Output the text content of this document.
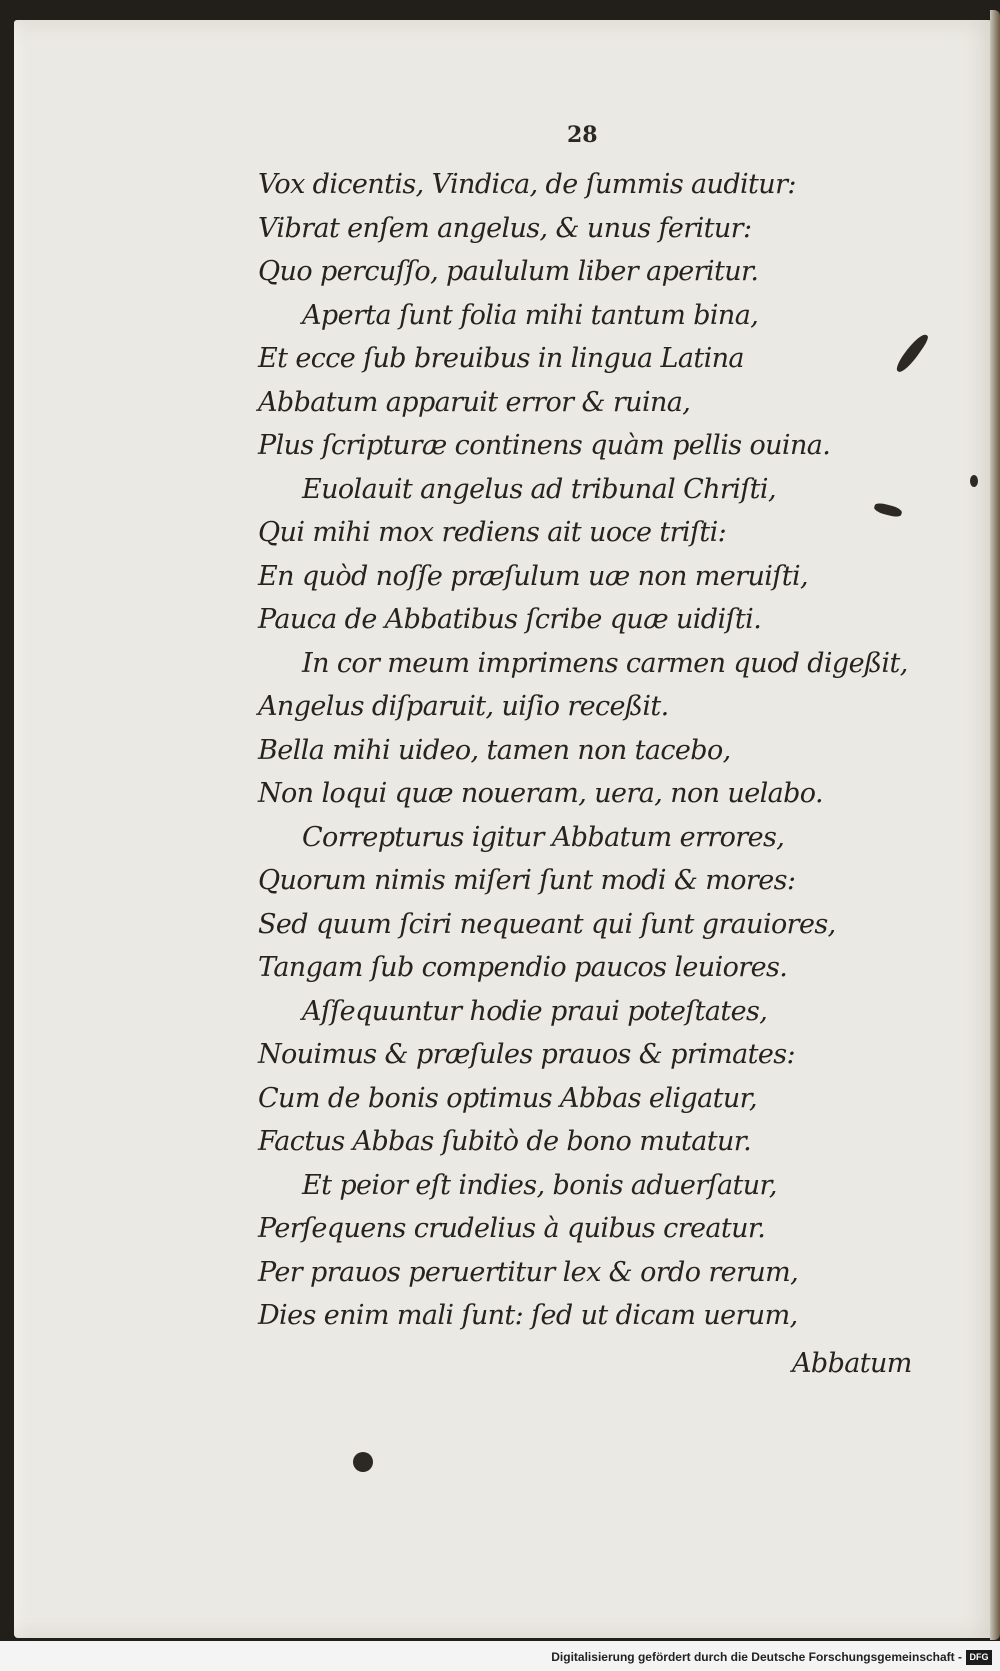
28
Vox dicentis, Vindica, de ſummis auditur:
Vibrat enſem angelus, & unus feritur:
Quo percuſſo, paululum liber aperitur.
Aperta ſunt folia mihi tantum bina,
Et ecce ſub breuibus in lingua Latina
Abbatum apparuit error & ruina,
Plus ſcripturæ continens quàm pellis ouina.
Euolauit angelus ad tribunal Chriſti,
Qui mihi mox rediens ait uoce triſti:
En quòd noſſe præſulum uæ non meruiſti,
Pauca de Abbatibus ſcribe quæ uidiſti.
In cor meum imprimens carmen quod digeßit,
Angelus diſparuit, uiſio receßit.
Bella mihi uideo, tamen non tacebo,
Non loqui quæ noueram, uera, non uelabo.
Correpturus igitur Abbatum errores,
Quorum nimis miſeri ſunt modi & mores:
Sed quum ſciri nequeant qui ſunt grauiores,
Tangam ſub compendio paucos leuiores.
Aſſequuntur hodie praui poteſtates,
Nouimus & præſules prauos & primates:
Cum de bonis optimus Abbas eligatur,
Factus Abbas ſubitò de bono mutatur.
Et peior eſt indies, bonis aduerſatur,
Perſequens crudelius à quibus creatur.
Per prauos peruertitur lex & ordo rerum,
Dies enim mali ſunt: ſed ut dicam uerum,
Abbatum
Digitalisierung gefördert durch die Deutsche Forschungsgemeinschaft - DFG
